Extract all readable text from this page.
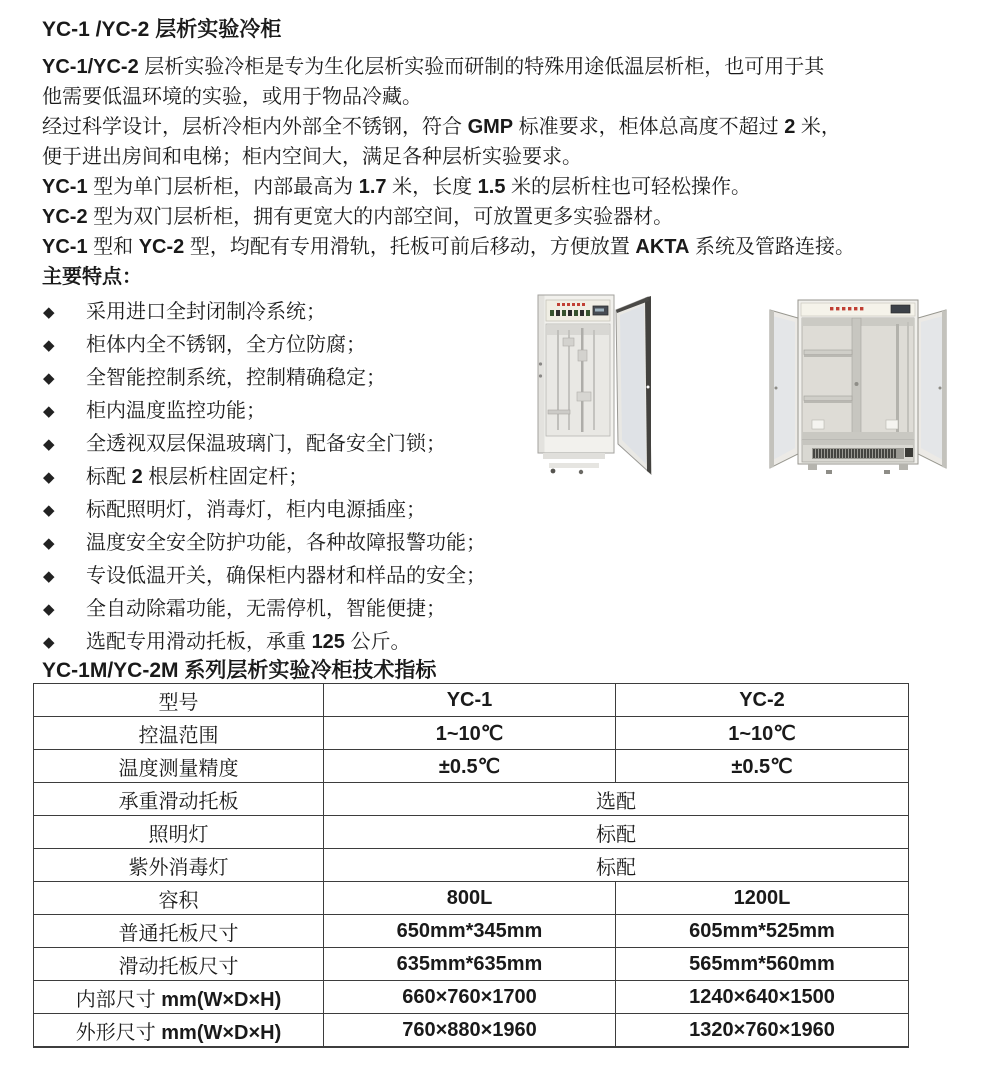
YC-1 /YC-2 层析实验冷柜
YC-1/YC-2 层析实验冷柜是专为生化层析实验而研制的特殊用途低温层析柜，也可用于其
他需要低温环境的实验，或用于物品冷藏。
经过科学设计，层析冷柜内外部全不锈钢，符合 GMP 标准要求，柜体总高度不超过 2 米，
便于进出房间和电梯；柜内空间大，满足各种层析实验要求。
YC-1 型为单门层析柜，内部最高为 1.7 米，长度 1.5 米的层析柱也可轻松操作。
YC-2 型为双门层析柜，拥有更宽大的内部空间，可放置更多实验器材。
YC-1 型和 YC-2 型，均配有专用滑轨，托板可前后移动，方便放置 AKTA 系统及管路连接。
主要特点：
◆ 采用进口全封闭制冷系统；
◆ 柜体内全不锈钢，全方位防腐；
◆ 全智能控制系统，控制精确稳定；
◆ 柜内温度监控功能；
◆ 全透视双层保温玻璃门，配备安全门锁；
◆ 标配 2 根层析柱固定杆；
◆ 标配照明灯，消毒灯，柜内电源插座；
◆ 温度安全安全防护功能，各种故障报警功能；
◆ 专设低温开关，确保柜内器材和样品的安全；
◆ 全自动除霜功能，无需停机，智能便捷；
◆ 选配专用滑动托板，承重 125 公斤。
YC-1M/YC-2M 系列层析实验冷柜技术指标
型号	YC-1	YC-2
控温范围	1~10℃	1~10℃
温度测量精度	±0.5℃	±0.5℃
承重滑动托板	选配	
照明灯	标配	
紫外消毒灯	标配	
容积	800L	1200L
普通托板尺寸	650mm*345mm	605mm*525mm
滑动托板尺寸	635mm*635mm	565mm*560mm
内部尺寸 mm(W×D×H)	660×760×1700	1240×640×1500
外形尺寸 mm(W×D×H)	760×880×1960	1320×760×1960
